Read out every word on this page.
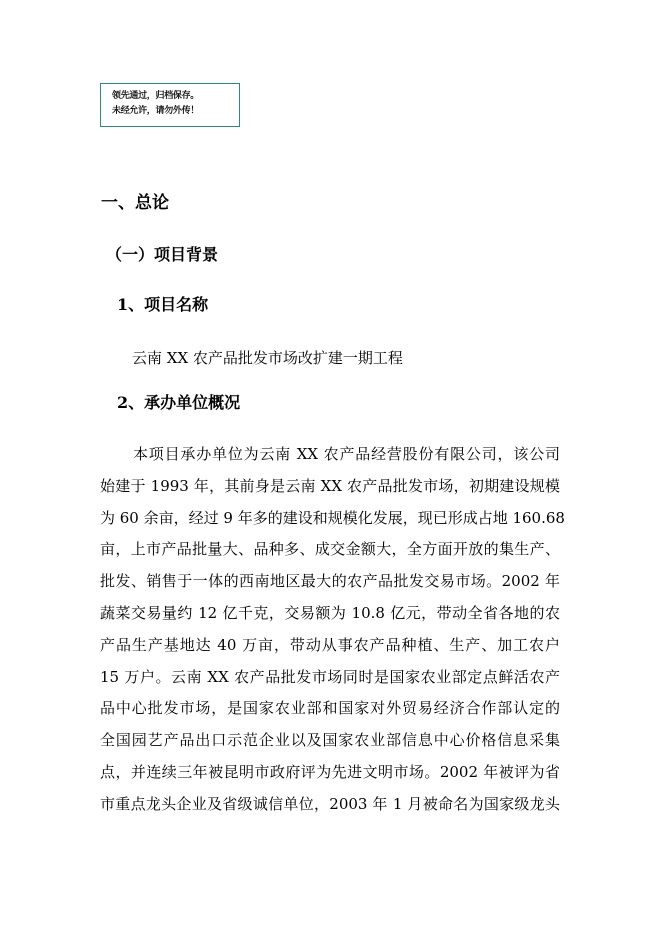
领先通过，归档保存。
未经允许，请勿外传！
一、总论
（一）项目背景
1、项目名称
云南 XX 农产品批发市场改扩建一期工程
2、承办单位概况
本项目承办单位为云南 XX 农产品经营股份有限公司，该公司
始建于 1993 年，其前身是云南 XX 农产品批发市场，初期建设规模
为 60 余亩，经过 9 年多的建设和规模化发展，现已形成占地 160.68
亩，上市产品批量大、品种多、成交金额大，全方面开放的集生产、
批发、销售于一体的西南地区最大的农产品批发交易市场。2002 年
蔬菜交易量约 12 亿千克，交易额为 10.8 亿元，带动全省各地的农
产品生产基地达 40 万亩，带动从事农产品种植、生产、加工农户
15 万户。云南 XX 农产品批发市场同时是国家农业部定点鲜活农产
品中心批发市场，是国家农业部和国家对外贸易经济合作部认定的
全国园艺产品出口示范企业以及国家农业部信息中心价格信息采集
点，并连续三年被昆明市政府评为先进文明市场。2002 年被评为省
市重点龙头企业及省级诚信单位，2003 年 1 月被命名为国家级龙头
